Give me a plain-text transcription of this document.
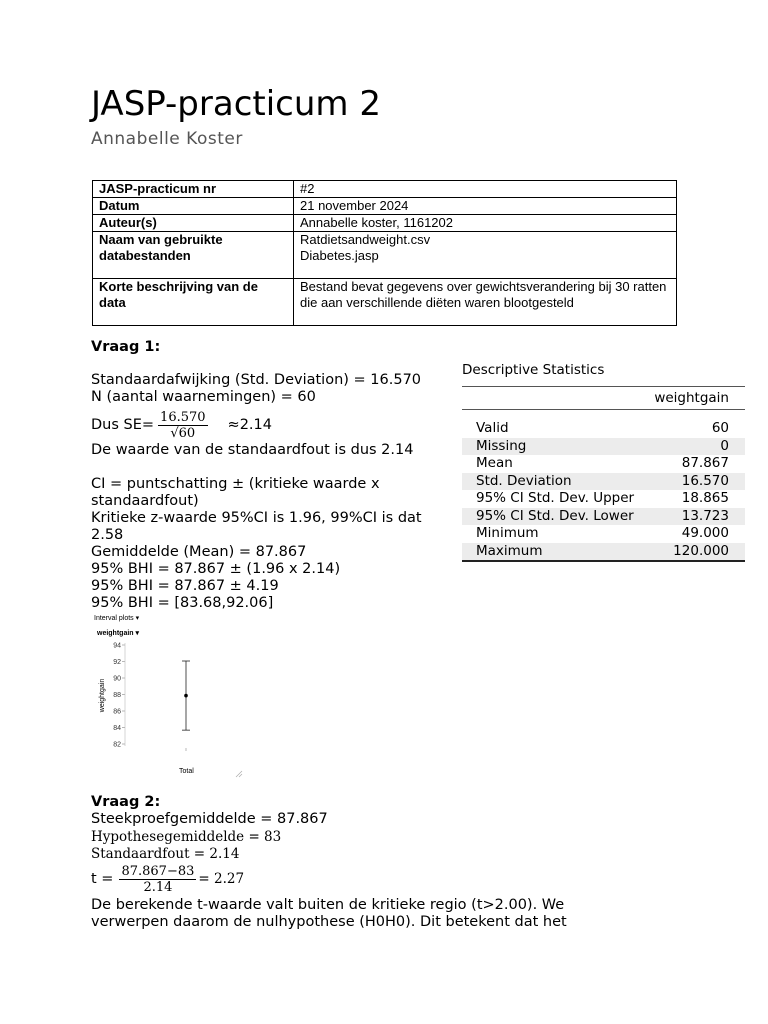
JASP-practicum 2
Annabelle Koster
JASP-practicum nr	#2
Datum	21 november 2024
Auteur(s)	Annabelle koster, 1161202
Naam van gebruikte databestanden	Ratdietsandweight.csv
Diabetes.jasp
Korte beschrijving van de data	Bestand bevat gegevens over gewichtsverandering bij 30 ratten die aan verschillende diëten waren blootgesteld
Vraag 1:
Standaardafwijking (Std. Deviation) = 16.570
N (aantal waarnemingen) = 60
Dus $SE= \frac{16.570}{√60} \approx 2.14$
De waarde van de standaardfout is dus 2.14
CI = puntschatting ± (kritieke waarde x
standaardfout)
Kritieke z-waarde 95%CI is 1.96, 99%CI is dat
2.58
Gemiddelde (Mean) = 87.867
95% BHI = 87.867 ± (1.96 x 2.14)
95% BHI = 87.867 ± 4.19
95% BHI = [83.68,92.06]
Descriptive Statistics
weightgain
Valid	60
Missing	0
Mean	87.867
Std. Deviation	16.570
95% CI Std. Dev. Upper	18.865
95% CI Std. Dev. Lower	13.723
Minimum	49.000
Maximum	120.000
Interval plots ▾
weightgain ▾
Total
weightgain
82
84
86
88
90
92
94
Vraag 2:
Steekproefgemiddelde = 87.867
Hypothesegemiddelde = 83
Standaardfout = 2.14
$t = \frac{87.867-83}{2.14} = 2.27$
De berekende t-waarde valt buiten de kritieke regio (t>2.00). We
verwerpen daarom de nulhypothese (H0H0). Dit betekent dat het
